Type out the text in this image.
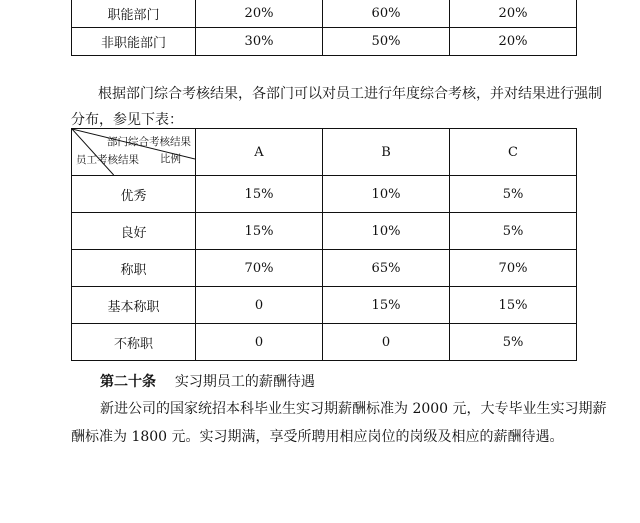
职能部门	20%	60%	20%
非职能部门	30%	50%	20%

根据部门综合考核结果，各部门可以对员工进行年度综合考核，并对结果进行强制

分布，参见下表：

部门综合考核结果
员工考核结果 比例	A	B	C
优秀	15%	10%	5%
良好	15%	10%	5%
称职	70%	65%	70%
基本称职	0	15%	15%
不称职	0	0	5%

第二十条 实习期员工的薪酬待遇

新进公司的国家统招本科毕业生实习期薪酬标准为 2000 元，大专毕业生实习期薪

酬标准为 1800 元。实习期满，享受所聘用相应岗位的岗级及相应的薪酬待遇。
